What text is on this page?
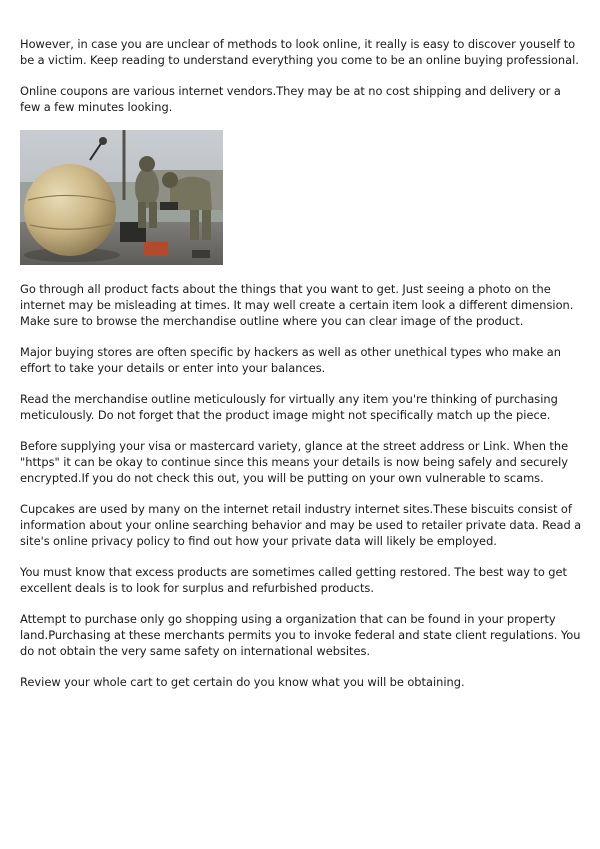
However, in case you are unclear of methods to look online, it really is easy to discover youself to be a victim. Keep reading to understand everything you come to be an online buying professional.

Online coupons are various internet vendors.They may be at no cost shipping and delivery or a few a few minutes looking.

Go through all product facts about the things that you want to get. Just seeing a photo on the internet may be misleading at times. It may well create a certain item look a different dimension. Make sure to browse the merchandise outline where you can clear image of the product.

Major buying stores are often specific by hackers as well as other unethical types who make an effort to take your details or enter into your balances.

Read the merchandise outline meticulously for virtually any item you're thinking of purchasing meticulously. Do not forget that the product image might not specifically match up the piece.

Before supplying your visa or mastercard variety, glance at the street address or Link. When the "https" it can be okay to continue since this means your details is now being safely and securely encrypted.If you do not check this out, you will be putting on your own vulnerable to scams.

Cupcakes are used by many on the internet retail industry internet sites.These biscuits consist of information about your online searching behavior and may be used to retailer private data. Read a site's online privacy policy to find out how your private data will likely be employed.

You must know that excess products are sometimes called getting restored. The best way to get excellent deals is to look for surplus and refurbished products.

Attempt to purchase only go shopping using a organization that can be found in your property land.Purchasing at these merchants permits you to invoke federal and state client regulations. You do not obtain the very same safety on international websites.

Review your whole cart to get certain do you know what you will be obtaining.
